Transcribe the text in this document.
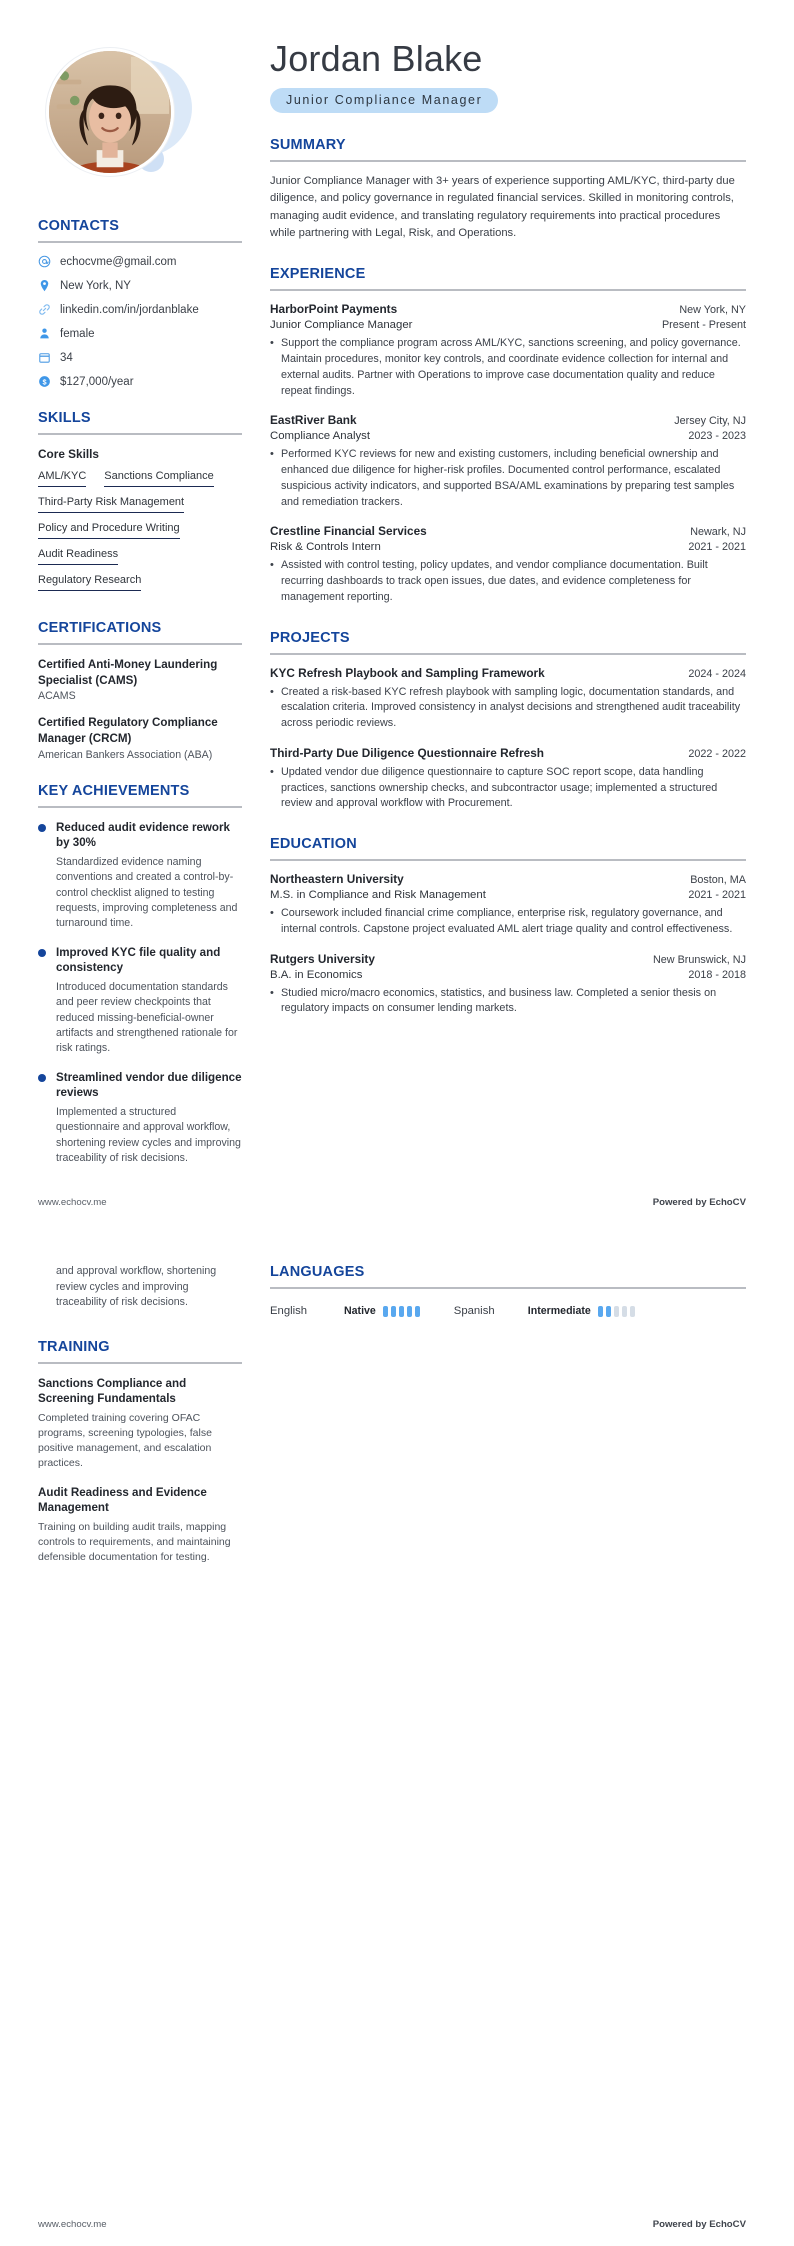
CONTACTS
echocvme@gmail.com
New York, NY
linkedin.com/in/jordanblake
female
34
$ $127,000/year
SKILLS
Core Skills
AML/KYC Sanctions Compliance
Third-Party Risk Management
Policy and Procedure Writing
Audit Readiness
Regulatory Research
CERTIFICATIONS
Certified Anti-Money Laundering Specialist (CAMS)
ACAMS
Certified Regulatory Compliance Manager (CRCM)
American Bankers Association (ABA)
KEY ACHIEVEMENTS
Reduced audit evidence rework by 30%
Standardized evidence naming conventions and created a control-by-control checklist aligned to testing requests, improving completeness and turnaround time.
Improved KYC file quality and consistency
Introduced documentation standards and peer review checkpoints that reduced missing-beneficial-owner artifacts and strengthened rationale for risk ratings.
Streamlined vendor due diligence reviews
Implemented a structured questionnaire and approval workflow, shortening review cycles and improving traceability of risk decisions.
Jordan Blake
Junior Compliance Manager
SUMMARY
Junior Compliance Manager with 3+ years of experience supporting AML/KYC, third-party due diligence, and policy governance in regulated financial services. Skilled in monitoring controls, managing audit evidence, and translating regulatory requirements into practical procedures while partnering with Legal, Risk, and Operations.
EXPERIENCE
HarborPoint Payments	New York, NY
Junior Compliance Manager	Present - Present
• Support the compliance program across AML/KYC, sanctions screening, and policy governance. Maintain procedures, monitor key controls, and coordinate evidence collection for internal and external audits. Partner with Operations to improve case documentation quality and reduce repeat findings.
EastRiver Bank	Jersey City, NJ
Compliance Analyst	2023 - 2023
• Performed KYC reviews for new and existing customers, including beneficial ownership and enhanced due diligence for higher-risk profiles. Documented control performance, escalated suspicious activity indicators, and supported BSA/AML examinations by preparing test samples and remediation trackers.
Crestline Financial Services	Newark, NJ
Risk & Controls Intern	2021 - 2021
• Assisted with control testing, policy updates, and vendor compliance documentation. Built recurring dashboards to track open issues, due dates, and evidence completeness for management reporting.
PROJECTS
KYC Refresh Playbook and Sampling Framework	2024 - 2024
• Created a risk-based KYC refresh playbook with sampling logic, documentation standards, and escalation criteria. Improved consistency in analyst decisions and strengthened audit traceability across periodic reviews.
Third-Party Due Diligence Questionnaire Refresh	2022 - 2022
• Updated vendor due diligence questionnaire to capture SOC report scope, data handling practices, sanctions ownership checks, and subcontractor usage; implemented a structured review and approval workflow with Procurement.
EDUCATION
Northeastern University	Boston, MA
M.S. in Compliance and Risk Management	2021 - 2021
• Coursework included financial crime compliance, enterprise risk, regulatory governance, and internal controls. Capstone project evaluated AML alert triage quality and control effectiveness.
Rutgers University	New Brunswick, NJ
B.A. in Economics	2018 - 2018
• Studied micro/macro economics, statistics, and business law. Completed a senior thesis on regulatory impacts on consumer lending markets.
www.echocv.me	Powered by EchoCV
and approval workflow, shortening review cycles and improving traceability of risk decisions.
TRAINING
Sanctions Compliance and Screening Fundamentals
Completed training covering OFAC programs, screening typologies, false positive management, and escalation practices.
Audit Readiness and Evidence Management
Training on building audit trails, mapping controls to requirements, and maintaining defensible documentation for testing.
LANGUAGES
English	Native	Spanish	Intermediate
www.echocv.me	Powered by EchoCV
